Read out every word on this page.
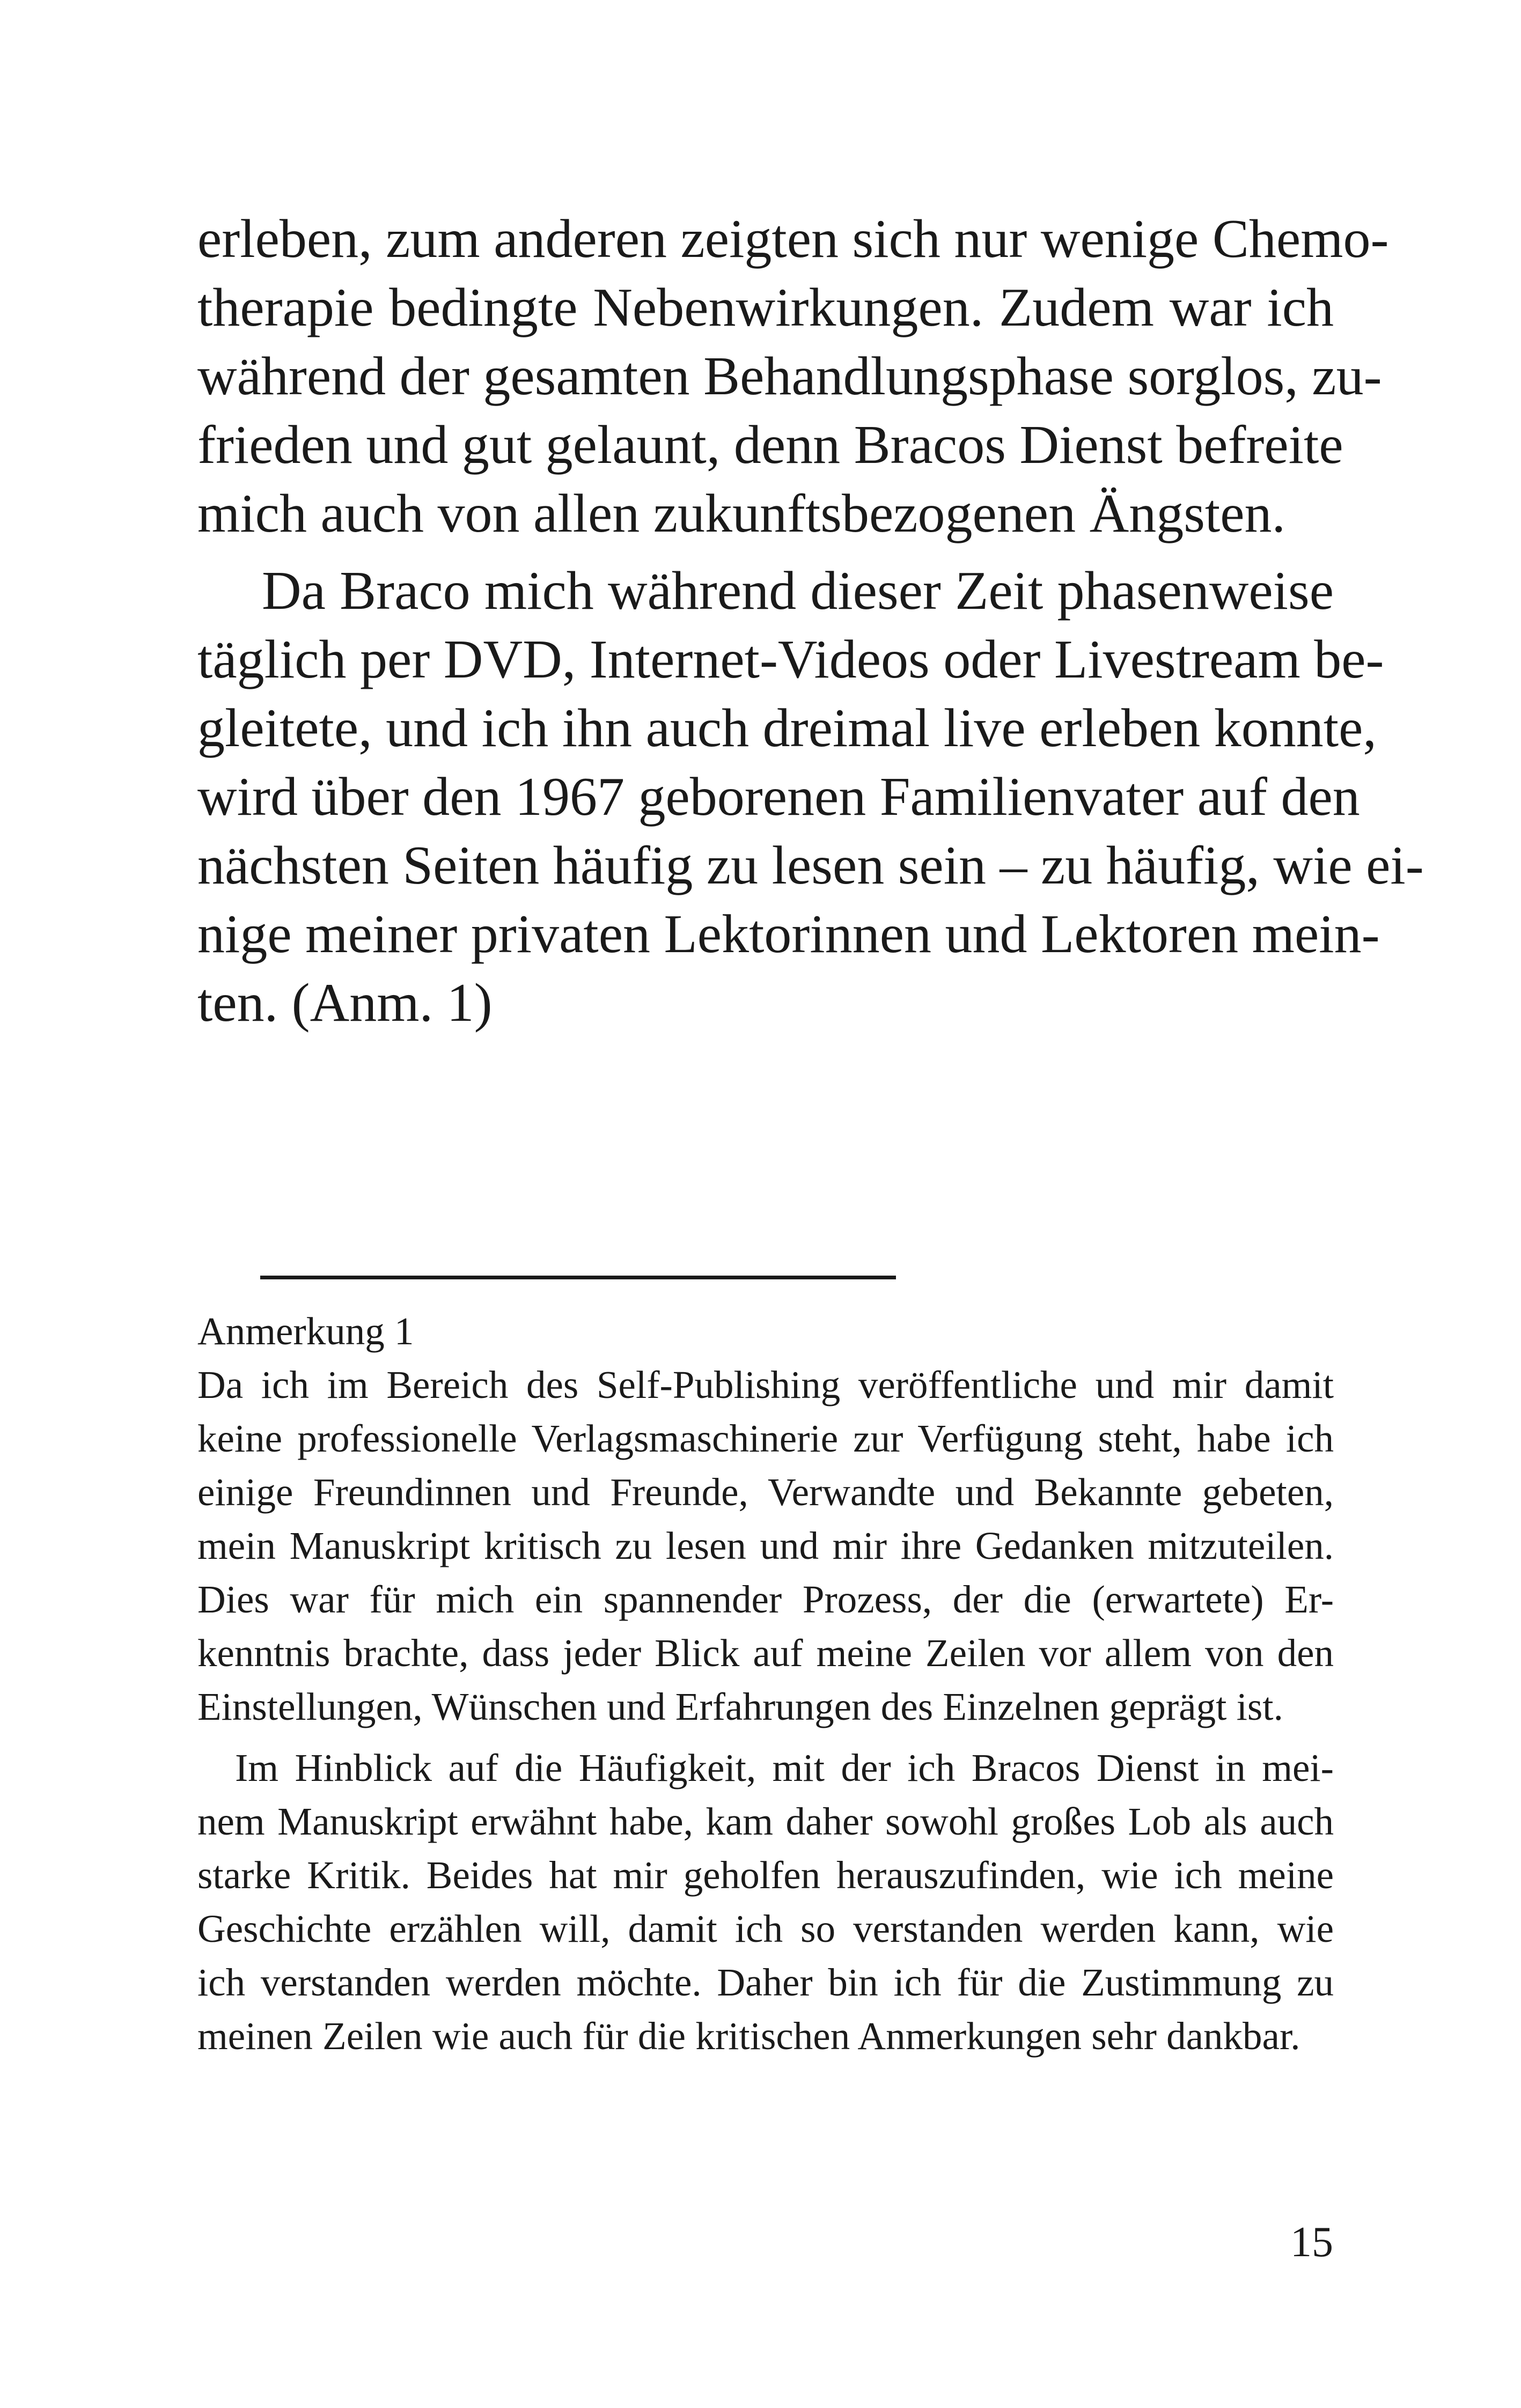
erleben, zum anderen zeigten sich nur wenige Chemo-
therapie bedingte Nebenwirkungen. Zudem war ich
während der gesamten Behandlungsphase sorglos, zu-
frieden und gut gelaunt, denn Bracos Dienst befreite
mich auch von allen zukunftsbezogenen Ängsten.
Da Braco mich während dieser Zeit phasenweise
täglich per DVD, Internet-Videos oder Livestream be-
gleitete, und ich ihn auch dreimal live erleben konnte,
wird über den 1967 geborenen Familienvater auf den
nächsten Seiten häufig zu lesen sein – zu häufig, wie ei-
nige meiner privaten Lektorinnen und Lektoren mein-
ten. (Anm. 1)
Anmerkung 1
Da ich im Bereich des Self-Publishing veröffentliche und mir damit
keine professionelle Verlagsmaschinerie zur Verfügung steht, habe ich
einige Freundinnen und Freunde, Verwandte und Bekannte gebeten,
mein Manuskript kritisch zu lesen und mir ihre Gedanken mitzuteilen.
Dies war für mich ein spannender Prozess, der die (erwartete) Er-
kenntnis brachte, dass jeder Blick auf meine Zeilen vor allem von den
Einstellungen, Wünschen und Erfahrungen des Einzelnen geprägt ist.
Im Hinblick auf die Häufigkeit, mit der ich Bracos Dienst in mei-
nem Manuskript erwähnt habe, kam daher sowohl großes Lob als auch
starke Kritik. Beides hat mir geholfen herauszufinden, wie ich meine
Geschichte erzählen will, damit ich so verstanden werden kann, wie
ich verstanden werden möchte. Daher bin ich für die Zustimmung zu
meinen Zeilen wie auch für die kritischen Anmerkungen sehr dankbar.
15
